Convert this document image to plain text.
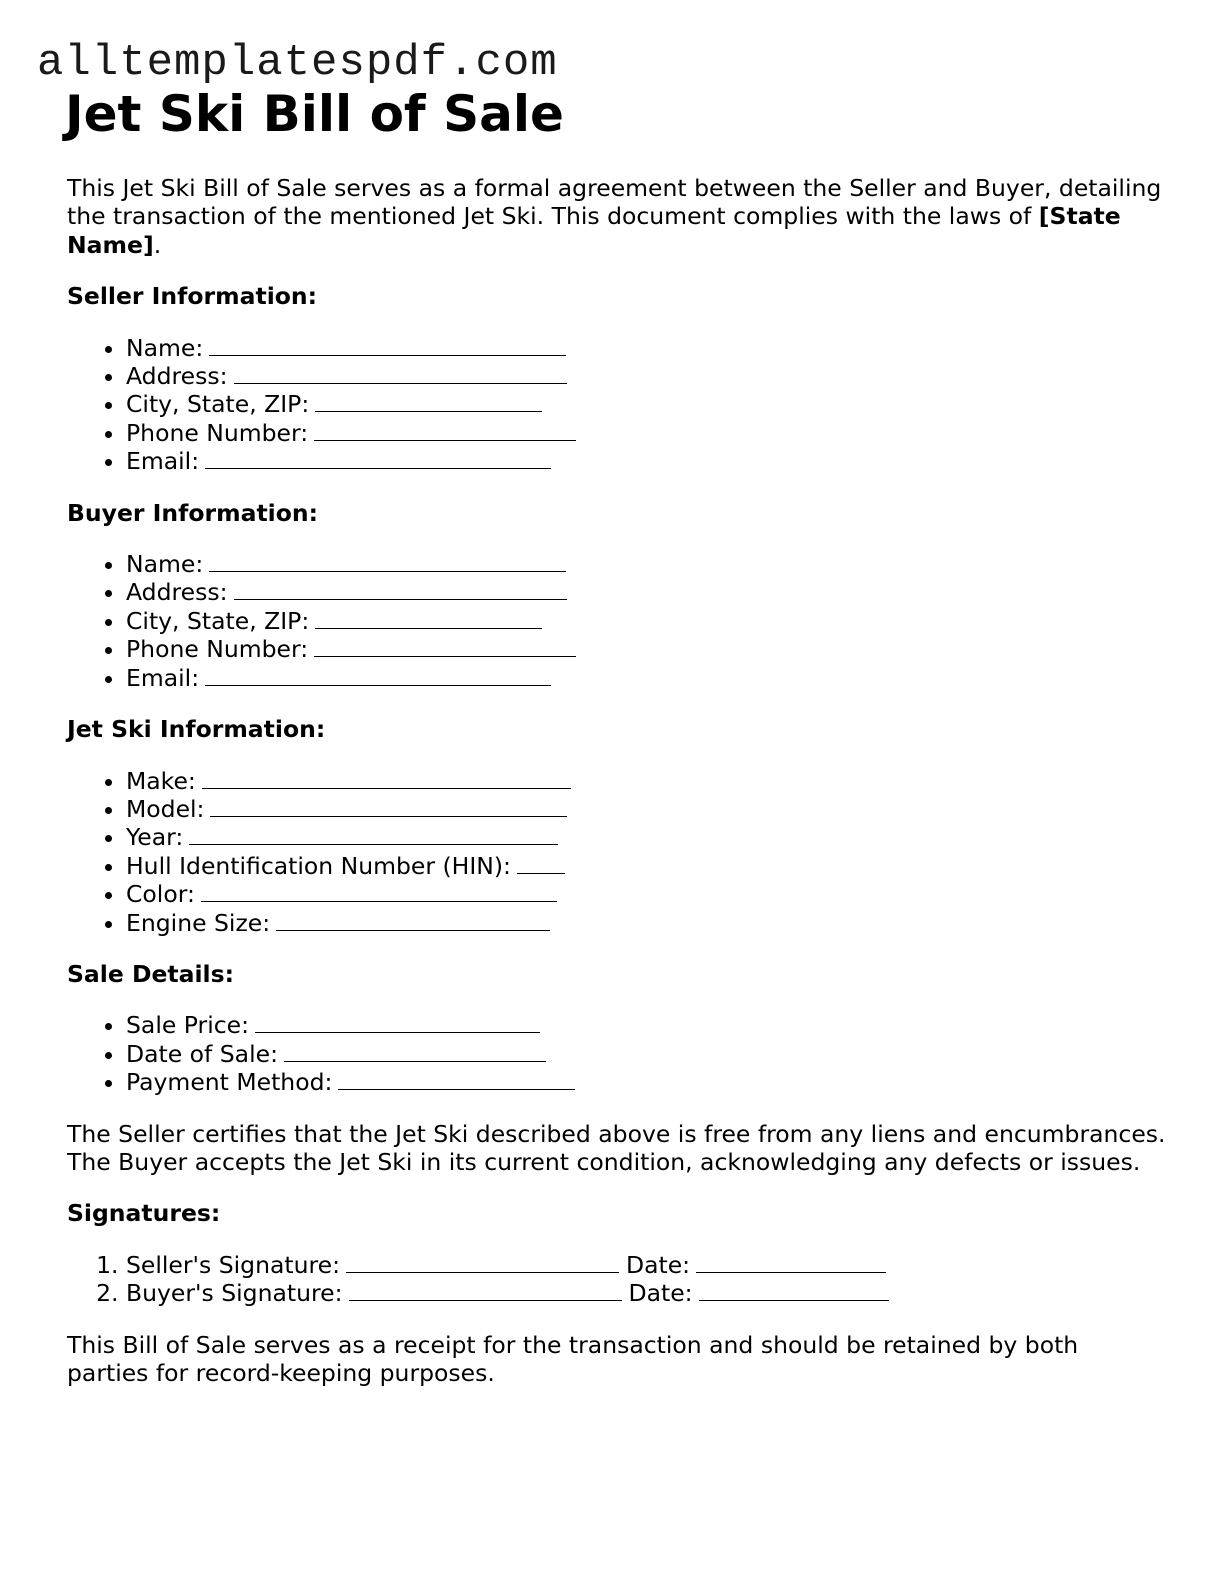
alltemplatespdf.com
Jet Ski Bill of Sale

This Jet Ski Bill of Sale serves as a formal agreement between the Seller and Buyer, detailing the transaction of the mentioned Jet Ski. This document complies with the laws of [State Name].

Seller Information:

• Name:
• Address:
• City, State, ZIP:
• Phone Number:
• Email:

Buyer Information:

• Name:
• Address:
• City, State, ZIP:
• Phone Number:
• Email:

Jet Ski Information:

• Make:
• Model:
• Year:
• Hull Identification Number (HIN):
• Color:
• Engine Size:

Sale Details:

• Sale Price:
• Date of Sale:
• Payment Method:

The Seller certifies that the Jet Ski described above is free from any liens and encumbrances. The Buyer accepts the Jet Ski in its current condition, acknowledging any defects or issues.

Signatures:

1. Seller's Signature:	Date:
2. Buyer's Signature:	Date:

This Bill of Sale serves as a receipt for the transaction and should be retained by both parties for record-keeping purposes.
